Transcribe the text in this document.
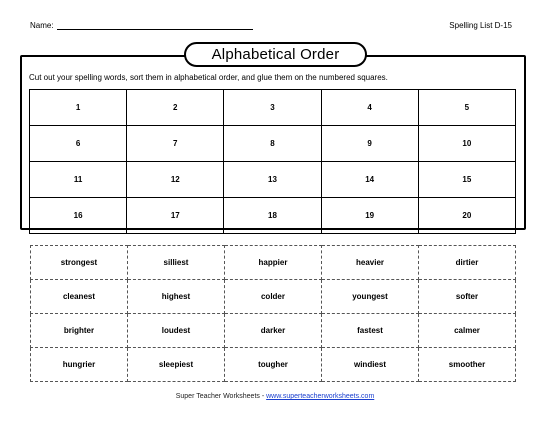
Name:	Spelling List D-15
Alphabetical Order
Cut out your spelling words, sort them in alphabetical order, and glue them on the numbered squares.
1	2	3	4	5
6	7	8	9	10
11	12	13	14	15
16	17	18	19	20
strongest	silliest	happier	heavier	dirtier
cleanest	highest	colder	youngest	softer
brighter	loudest	darker	fastest	calmer
hungrier	sleepiest	tougher	windiest	smoother
Super Teacher Worksheets - www.superteacherworksheets.com
